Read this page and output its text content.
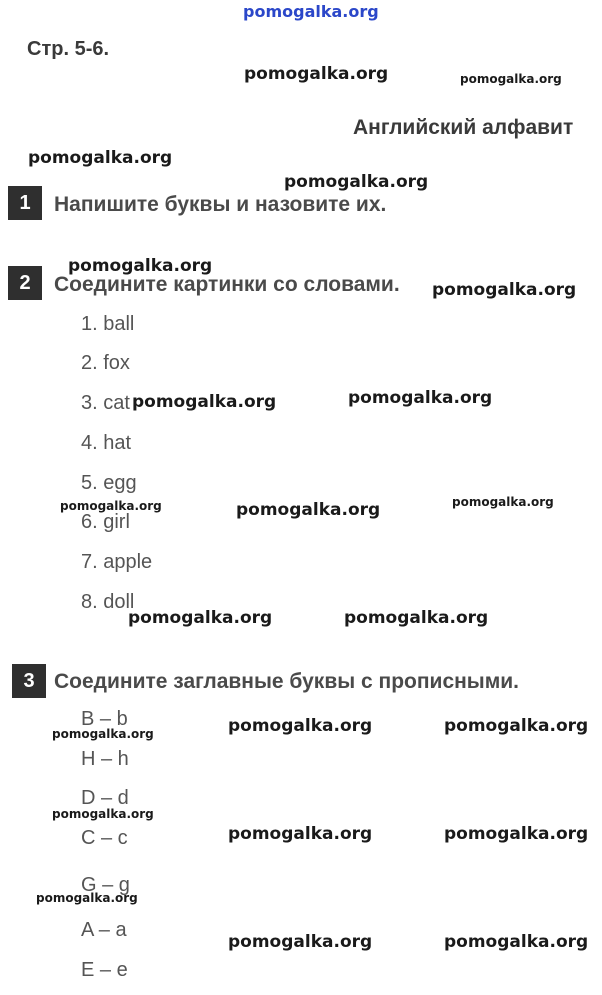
pomogalka.org
Стр. 5-6.
Английский алфавит
1	Напишите буквы и назовите их.
2	Соедините картинки со словами.
1. ball
2. fox
3. cat
4. hat
5. egg
6. girl
7. apple
8. doll
3 Соедините заглавные буквы с прописными.
B – b
H – h
D – d
C – c
G – g
A – a
E – e
pomogalka.org	pomogalka.org
pomogalka.org
pomogalka.org
pomogalka.org
pomogalka.org
pomogalka.org	pomogalka.org
pomogalka.org	pomogalka.org	pomogalka.org
pomogalka.org	pomogalka.org
pomogalka.org	pomogalka.org	pomogalka.org
pomogalka.org
pomogalka.org	pomogalka.org
pomogalka.org
pomogalka.org	pomogalka.org
